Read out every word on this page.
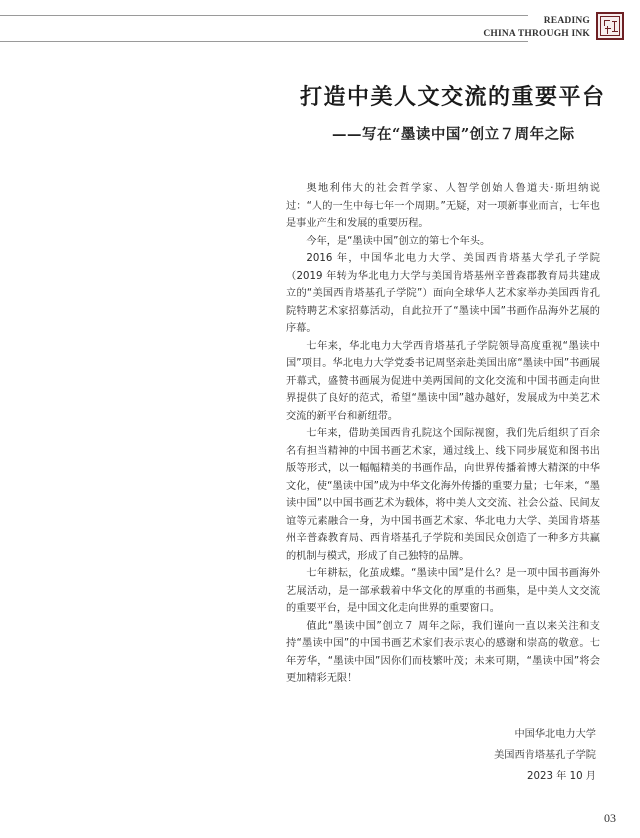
READING
CHINA THROUGH INK
打造中美人文交流的重要平台
——写在“墨读中国”创立７周年之际

奥地利伟大的社会哲学家、人智学创始人鲁道夫·斯坦纳说过：“人的一生中每七年一个周期。”无疑，对一项新事业而言，七年也是事业产生和发展的重要历程。

今年，是“墨读中国”创立的第七个年头。

2016 年，中国华北电力大学、美国西肯塔基大学孔子学院（2019 年转为华北电力大学与美国肯塔基州辛普森郡教育局共建成立的“美国西肯塔基孔子学院”）面向全球华人艺术家举办美国西肯孔院特聘艺术家招募活动，自此拉开了“墨读中国”书画作品海外艺展的序幕。

七年来，华北电力大学西肯塔基孔子学院领导高度重视“墨读中国”项目。华北电力大学党委书记周坚亲赴美国出席“墨读中国”书画展开幕式，盛赞书画展为促进中美两国间的文化交流和中国书画走向世界提供了良好的范式，希望“墨读中国”越办越好，发展成为中美艺术交流的新平台和新纽带。

七年来，借助美国西肯孔院这个国际视窗，我们先后组织了百余名有担当精神的中国书画艺术家，通过线上、线下同步展览和图书出版等形式，以一幅幅精美的书画作品，向世界传播着博大精深的中华文化，使“墨读中国”成为中华文化海外传播的重要力量；七年来，“墨读中国”以中国书画艺术为载体，将中美人文交流、社会公益、民间友谊等元素融合一身，为中国书画艺术家、华北电力大学、美国肯塔基州辛普森教育局、西肯塔基孔子学院和美国民众创造了一种多方共赢的机制与模式，形成了自己独特的品牌。

七年耕耘，化茧成蝶。“墨读中国”是什么？是一项中国书画海外艺展活动，是一部承载着中华文化的厚重的书画集，是中美人文交流的重要平台，是中国文化走向世界的重要窗口。

值此“墨读中国”创立７ 周年之际，我们谨向一直以来关注和支持“墨读中国”的中国书画艺术家们表示衷心的感谢和崇高的敬意。七年芳华，“墨读中国”因你们而枝繁叶茂；未来可期，“墨读中国”将会更加精彩无限！

中国华北电力大学
美国西肯塔基孔子学院
2023 年 10 月
03
